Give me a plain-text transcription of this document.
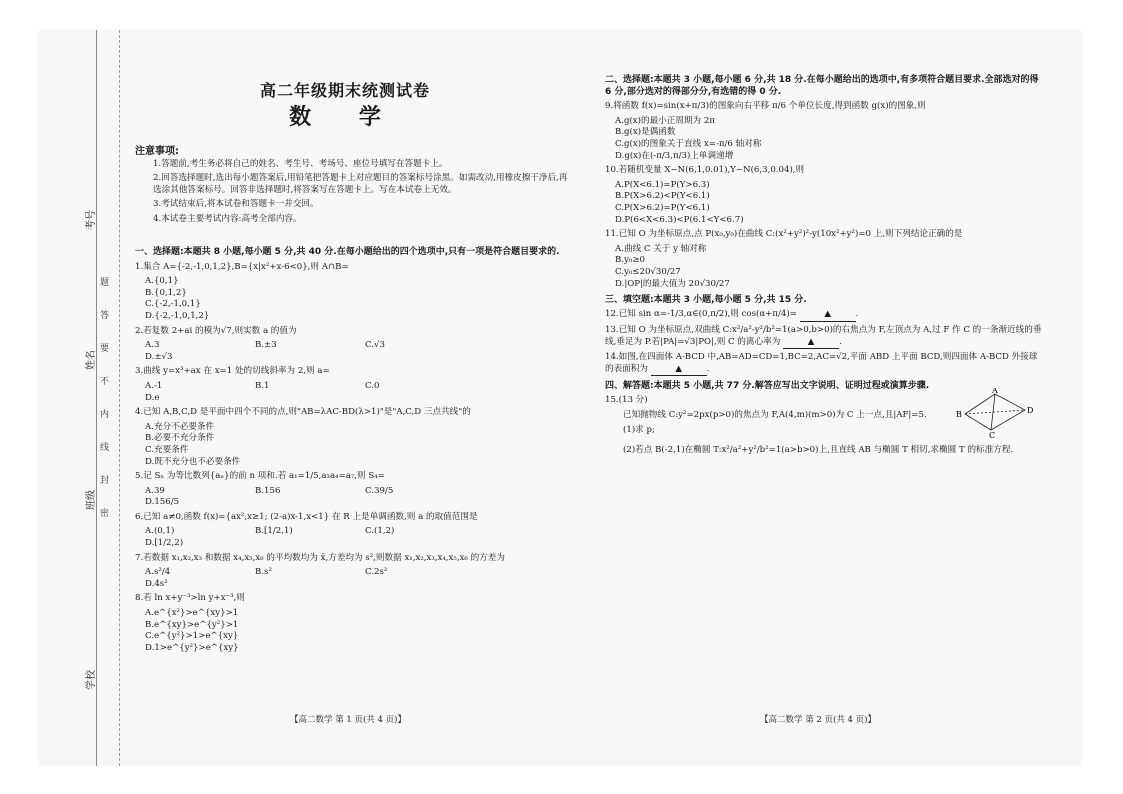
考号
姓名
班级
学校
题
答
要
不
内
线
封
密
高二年级期末统测试卷
数 学
注意事项:
1.答题前,考生务必将自己的姓名、考生号、考场号、座位号填写在答题卡上。
2.回答选择题时,选出每小题答案后,用铅笔把答题卡上对应题目的答案标号涂黑。如需改动,用橡皮擦干净后,再选涂其他答案标号。回答非选择题时,将答案写在答题卡上。写在本试卷上无效。
3.考试结束后,将本试卷和答题卡一并交回。
4.本试卷主要考试内容:高考全部内容。
一、选择题:本题共 8 小题,每小题 5 分,共 40 分.在每小题给出的四个选项中,只有一项是符合题目要求的.
1.集合 A={-2,-1,0,1,2},B={x|x²+x-6<0},则 A∩B=
A.{0,1}
B.{0,1,2}
C.{-2,-1,0,1}
D.{-2,-1,0,1,2}
2.若复数 2+ai 的模为√7,则实数 a 的值为
A.3	B.±3	C.√3
D.±√3
3.曲线 y=x³+ax 在 x=1 处的切线斜率为 2,则 a=
A.-1	B.1	C.0
D.e
4.已知 A,B,C,D 是平面中四个不同的点,则"AB=λAC-BD(λ>1)"是"A,C,D 三点共线"的
A.充分不必要条件
B.必要不充分条件
C.充要条件
D.既不充分也不必要条件
5.记 Sₙ 为等比数列{aₙ}的前 n 项和.若 a₁=1/5,a₃a₄=a₇,则 S₄=
A.39	B.156	C.39/5
D.156/5
6.已知 a≠0,函数 f(x)={ax²,x≥1; (2-a)x-1,x<1} 在 R 上是单调函数,则 a 的取值范围是
A.(0,1)	B.[1/2,1)	C.(1,2)
D.[1/2,2)
7.若数据 x₁,x₂,x₃ 和数据 x₄,x₅,x₆ 的平均数均为 x̄,方差均为 s²,则数据 x₁,x₂,x₃,x₄,x₅,x₆ 的方差为
A.s²/4	B.s²	C.2s²
D.4s²
8.若 ln x+y⁻³>ln y+x⁻³,则
A.e^{x²}>e^{xy}>1
B.e^{xy}>e^{y²}>1
C.e^{y²}>1>e^{xy}
D.1>e^{y²}>e^{xy}
二、选择题:本题共 3 小题,每小题 6 分,共 18 分.在每小题给出的选项中,有多项符合题目要求.全部选对的得 6 分,部分选对的得部分分,有选错的得 0 分.
9.将函数 f(x)=sin(x+π/3)的图象向右平移 π/6 个单位长度,得到函数 g(x)的图象,则
A.g(x)的最小正周期为 2π
B.g(x)是偶函数
C.g(x)的图象关于直线 x=-π/6 轴对称
D.g(x)在(-π/3,π/3)上单调递增
10.若随机变量 X~N(6,1,0.01),Y~N(6,3,0.04),则
A.P(X<6.1)=P(Y>6.3)
B.P(X>6.2)<P(Y<6.1)
C.P(X>6.2)=P(Y<6.1)
D.P(6<X<6.3)<P(6.1<Y<6.7)
11.已知 O 为坐标原点,点 P(x₀,y₀)在曲线 C:(x²+y²)²-y(10x²+y²)=0 上,则下列结论正确的是
A.曲线 C 关于 y 轴对称
B.y₀≥0
C.y₀≤20√30/27
D.|OP|的最大值为 20√30/27
三、填空题:本题共 3 小题,每小题 5 分,共 15 分.
12.已知 sin α=-1/3,α∈(0,π/2),则 cos(α+π/4)=	▲	.
13.已知 O 为坐标原点,双曲线 C:x²/a²-y²/b²=1(a>0,b>0)的右焦点为 F,左顶点为 A,过 F 作 C 的一条渐近线的垂线,垂足为 P.若|PA|=√3|PO|,则 C 的离心率为	▲	.
14.如图,在四面体 A-BCD 中,AB=AD=CD=1,BC=2,AC=√2,平面 ABD 上平面 BCD,则四面体 A-BCD 外接球的表面积为	▲	.
四、解答题:本题共 5 小题,共 77 分.解答应写出文字说明、证明过程或演算步骤.
15.(13 分)
已知抛物线 C:y²=2px(p>0)的焦点为 F,A(4,m)(m>0)为 C 上一点,且|AF|=5.
(1)求 p;
(2)若点 B(-2,1)在椭圆 T:x²/a²+y²/b²=1(a>b>0)上,且直线 AB 与椭圆 T 相切,求椭圆 T 的标准方程.
A
B	D
C
【高二数学 第 1 页(共 4 页)】	【高二数学 第 2 页(共 4 页)】
